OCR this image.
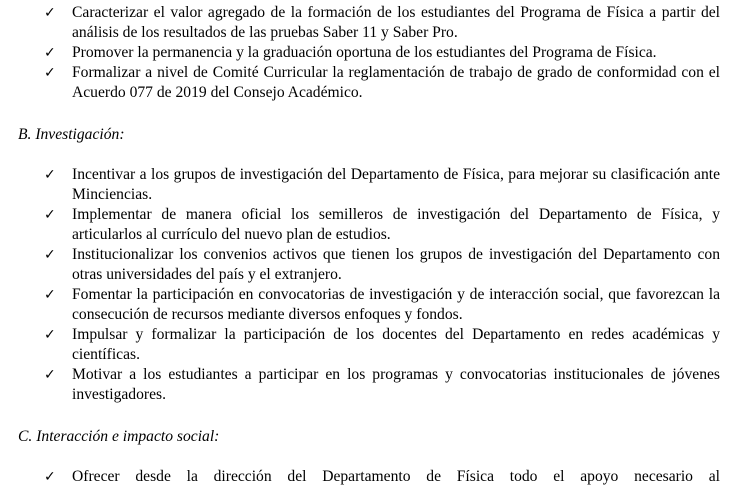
✓ Caracterizar el valor agregado de la formación de los estudiantes del Programa de Física a partir del análisis de los resultados de las pruebas Saber 11 y Saber Pro.
✓ Promover la permanencia y la graduación oportuna de los estudiantes del Programa de Física.
✓ Formalizar a nivel de Comité Curricular la reglamentación de trabajo de grado de conformidad con el Acuerdo 077 de 2019 del Consejo Académico.
B. Investigación:
✓ Incentivar a los grupos de investigación del Departamento de Física, para mejorar su clasificación ante Minciencias.
✓ Implementar de manera oficial los semilleros de investigación del Departamento de Física, y articularlos al currículo del nuevo plan de estudios.
✓ Institucionalizar los convenios activos que tienen los grupos de investigación del Departamento con otras universidades del país y el extranjero.
✓ Fomentar la participación en convocatorias de investigación y de interacción social, que favorezcan la consecución de recursos mediante diversos enfoques y fondos.
✓ Impulsar y formalizar la participación de los docentes del Departamento en redes académicas y científicas.
✓ Motivar a los estudiantes a participar en los programas y convocatorias institucionales de jóvenes investigadores.
C. Interacción e impacto social:
✓ Ofrecer desde la dirección del Departamento de Física todo el apoyo necesario al
